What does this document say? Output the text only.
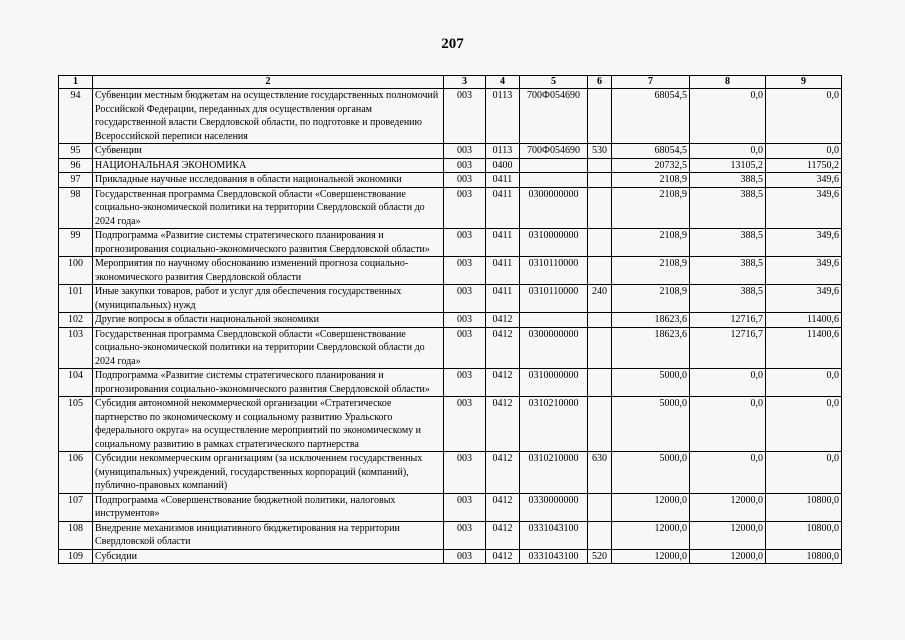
207
1	2	3	4	5	6	7	8	9
94	Субвенции местным бюджетам на осуществление государственных полномочий Российской Федерации, переданных для осуществления органам государственной власти Свердловской области, по подготовке и проведению Всероссийской переписи населения	003	0113	700Ф054690		68054,5	0,0	0,0
95	Субвенции	003	0113	700Ф054690	530	68054,5	0,0	0,0
96	НАЦИОНАЛЬНАЯ ЭКОНОМИКА	003	0400			20732,5	13105,2	11750,2
97	Прикладные научные исследования в области национальной экономики	003	0411			2108,9	388,5	349,6
98	Государственная программа Свердловской области «Совершенствование социально-экономической политики на территории Свердловской области до 2024 года»	003	0411	0300000000		2108,9	388,5	349,6
99	Подпрограмма «Развитие системы стратегического планирования и прогнозирования социально-экономического развития Свердловской области»	003	0411	0310000000		2108,9	388,5	349,6
100	Мероприятия по научному обоснованию изменений прогноза социально-экономического развития Свердловской области	003	0411	0310110000		2108,9	388,5	349,6
101	Иные закупки товаров, работ и услуг для обеспечения государственных (муниципальных) нужд	003	0411	0310110000	240	2108,9	388,5	349,6
102	Другие вопросы в области национальной экономики	003	0412			18623,6	12716,7	11400,6
103	Государственная программа Свердловской области «Совершенствование социально-экономической политики на территории Свердловской области до 2024 года»	003	0412	0300000000		18623,6	12716,7	11400,6
104	Подпрограмма «Развитие системы стратегического планирования и прогнозирования социально-экономического развития Свердловской области»	003	0412	0310000000		5000,0	0,0	0,0
105	Субсидия автономной некоммерческой организации «Стратегическое партнерство по экономическому и социальному развитию Уральского федерального округа» на осуществление мероприятий по экономическому и социальному развитию в рамках стратегического партнерства	003	0412	0310210000		5000,0	0,0	0,0
106	Субсидии некоммерческим организациям (за исключением государственных (муниципальных) учреждений, государственных корпораций (компаний), публично-правовых компаний)	003	0412	0310210000	630	5000,0	0,0	0,0
107	Подпрограмма «Совершенствование бюджетной политики, налоговых инструментов»	003	0412	0330000000		12000,0	12000,0	10800,0
108	Внедрение механизмов инициативного бюджетирования на территории Свердловской области	003	0412	0331043100		12000,0	12000,0	10800,0
109	Субсидии	003	0412	0331043100	520	12000,0	12000,0	10800,0
